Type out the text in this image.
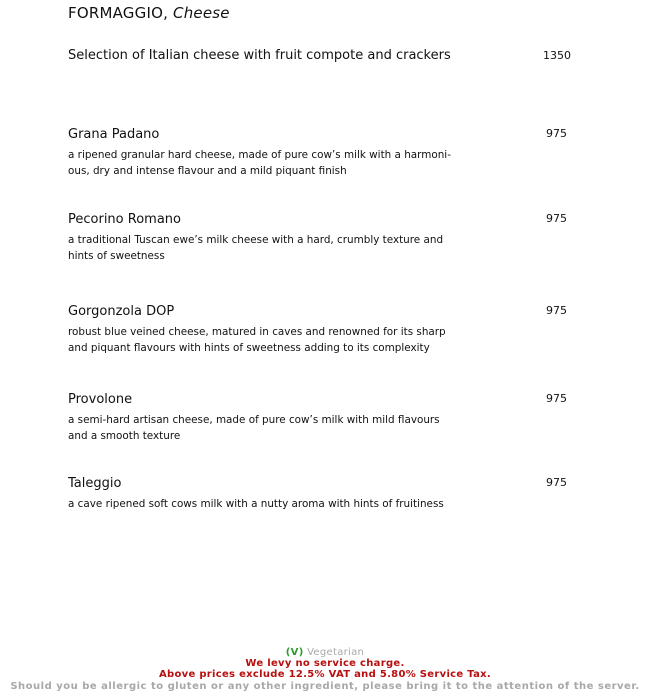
FORMAGGIO, Cheese
Selection of Italian cheese with fruit compote and crackers	1350
Grana Padano	975
a ripened granular hard cheese, made of pure cow’s milk with a harmoni-
ous, dry and intense flavour and a mild piquant finish
Pecorino Romano	975
a traditional Tuscan ewe’s milk cheese with a hard, crumbly texture and
hints of sweetness
Gorgonzola DOP	975
robust blue veined cheese, matured in caves and renowned for its sharp
and piquant flavours with hints of sweetness adding to its complexity
Provolone	975
a semi-hard artisan cheese, made of pure cow’s milk with mild flavours
and a smooth texture
Taleggio	975
a cave ripened soft cows milk with a nutty aroma with hints of fruitiness
(V) Vegetarian
We levy no service charge.
Above prices exclude 12.5% VAT and 5.80% Service Tax.
Should you be allergic to gluten or any other ingredient, please bring it to the attention of the server.
